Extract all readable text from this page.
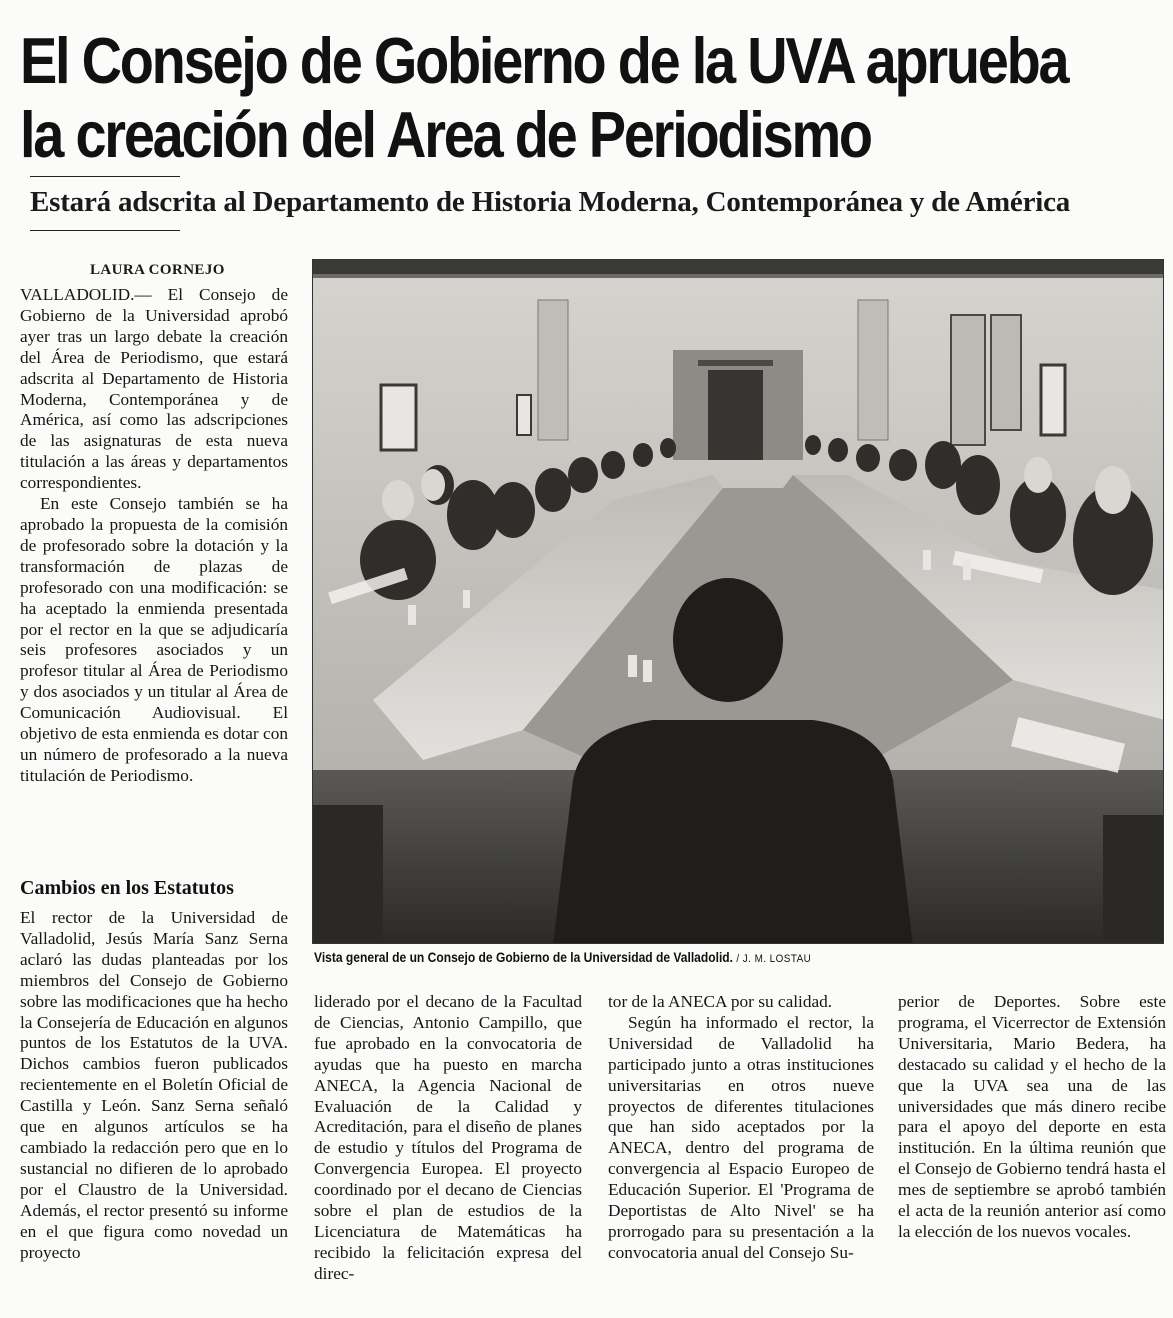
El Consejo de Gobierno de la UVA aprueba
la creación del Area de Periodismo
Estará adscrita al Departamento de Historia Moderna, Contemporánea y de América

LAURA CORNEJO

VALLADOLID.— El Consejo de Gobierno de la Universidad aprobó ayer tras un largo debate la creación del Área de Periodismo, que estará adscrita al Departamento de Historia Moderna, Contemporánea y de América, así como las adscripciones de las asignaturas de esta nueva titulación a las áreas y departamentos correspondientes.

En este Consejo también se ha aprobado la propuesta de la comisión de profesorado sobre la dotación y la transformación de plazas de profesorado con una modificación: se ha aceptado la enmienda presentada por el rector en la que se adjudicaría seis profesores asociados y un profesor titular al Área de Periodismo y dos asociados y un titular al Área de Comunicación Audiovisual. El objetivo de esta enmienda es dotar con un número de profesorado a la nueva titulación de Periodismo.

Cambios en los Estatutos

El rector de la Universidad de Valladolid, Jesús María Sanz Serna aclaró las dudas planteadas por los miembros del Consejo de Gobierno sobre las modificaciones que ha hecho la Consejería de Educación en algunos puntos de los Estatutos de la UVA. Dichos cambios fueron publicados recientemente en el Boletín Oficial de Castilla y León. Sanz Serna señaló que en algunos artículos se ha cambiado la redacción pero que en lo sustancial no difieren de lo aprobado por el Claustro de la Universidad. Además, el rector presentó su informe en el que figura como novedad un proyecto

Vista general de un Consejo de Gobierno de la Universidad de Valladolid. / J. M. LOSTAU

liderado por el decano de la Facultad de Ciencias, Antonio Campillo, que fue aprobado en la convocatoria de ayudas que ha puesto en marcha ANECA, la Agencia Nacional de Evaluación de la Calidad y Acreditación, para el diseño de planes de estudio y títulos del Programa de Convergencia Europea. El proyecto coordinado por el decano de Ciencias sobre el plan de estudios de la Licenciatura de Matemáticas ha recibido la felicitación expresa del direc-

tor de la ANECA por su calidad.

Según ha informado el rector, la Universidad de Valladolid ha participado junto a otras instituciones universitarias en otros nueve proyectos de diferentes titulaciones que han sido aceptados por la ANECA, dentro del programa de convergencia al Espacio Europeo de Educación Superior. El 'Programa de Deportistas de Alto Nivel' se ha prorrogado para su presentación a la convocatoria anual del Consejo Su-

perior de Deportes. Sobre este programa, el Vicerrector de Extensión Universitaria, Mario Bedera, ha destacado su calidad y el hecho de la que la UVA sea una de las universidades que más dinero recibe para el apoyo del deporte en esta institución. En la última reunión que el Consejo de Gobierno tendrá hasta el mes de septiembre se aprobó también el acta de la reunión anterior así como la elección de los nuevos vocales.
